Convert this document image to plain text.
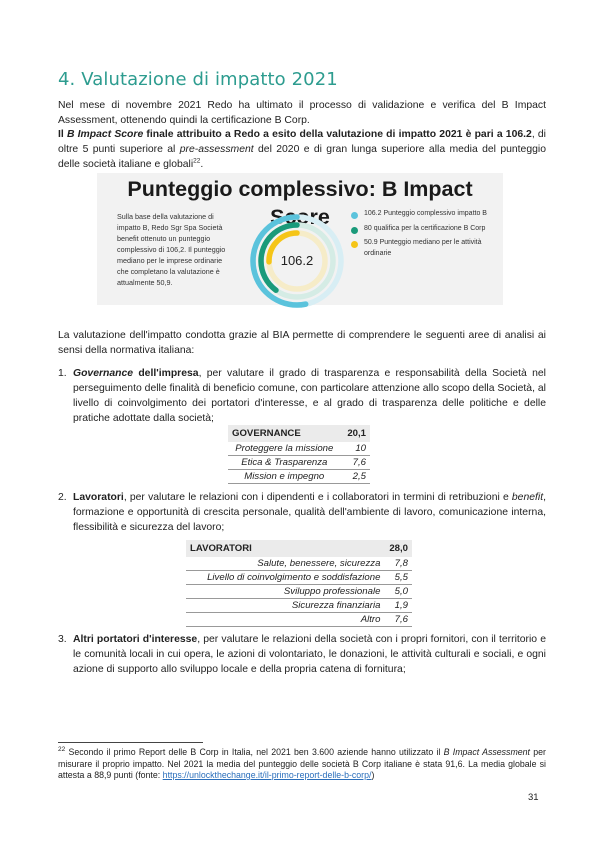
4. Valutazione di impatto 2021

Nel mese di novembre 2021 Redo ha ultimato il processo di validazione e verifica del B Impact Assessment, ottenendo quindi la certificazione B Corp.

Il B Impact Score finale attribuito a Redo a esito della valutazione di impatto 2021 è pari a 106.2, di oltre 5 punti superiore al pre-assessment del 2020 e di gran lunga superiore alla media del punteggio delle società italiane e globali$^{22}$.

Punteggio complessivo: B Impact Score
Sulla base della valutazione di impatto B, Redo Sgr Spa Società benefit ottenuto un punteggio complessivo di 106,2. Il punteggio mediano per le imprese ordinarie che completano la valutazione è attualmente 50,9.
106.2
106.2 Punteggio complessivo impatto B
80 qualifica per la certificazione B Corp
50.9 Punteggio mediano per le attività ordinarie

La valutazione dell'impatto condotta grazie al BIA permette di comprendere le seguenti aree di analisi ai sensi della normativa italiana:

1. Governance dell'impresa, per valutare il grado di trasparenza e responsabilità della Società nel perseguimento delle finalità di beneficio comune, con particolare attenzione allo scopo della Società, al livello di coinvolgimento dei portatori d'interesse, e al grado di trasparenza delle politiche e delle pratiche adottate dalla società;
GOVERNANCE	20,1
Proteggere la missione	10
Etica & Trasparenza	7,6
Mission e impegno	2,5
2. Lavoratori, per valutare le relazioni con i dipendenti e i collaboratori in termini di retribuzioni e benefit, formazione e opportunità di crescita personale, qualità dell'ambiente di lavoro, comunicazione interna, flessibilità e sicurezza del lavoro;
LAVORATORI	28,0
Salute, benessere, sicurezza	7,8
Livello di coinvolgimento e soddisfazione	5,5
Sviluppo professionale	5,0
Sicurezza finanziaria	1,9
Altro	7,6
3. Altri portatori d'interesse, per valutare le relazioni della società con i propri fornitori, con il territorio e le comunità locali in cui opera, le azioni di volontariato, le donazioni, le attività culturali e sociali, e ogni azione di supporto allo sviluppo locale e della propria catena di fornitura;
$^{22}$ Secondo il primo Report delle B Corp in Italia, nel 2021 ben 3.600 aziende hanno utilizzato il B Impact Assessment per misurare il proprio impatto. Nel 2021 la media del punteggio delle società B Corp italiane è stata 91,6. La media globale si attesta a 88,9 punti (fonte: https://unlockthechange.it/il-primo-report-delle-b-corp/)
31
